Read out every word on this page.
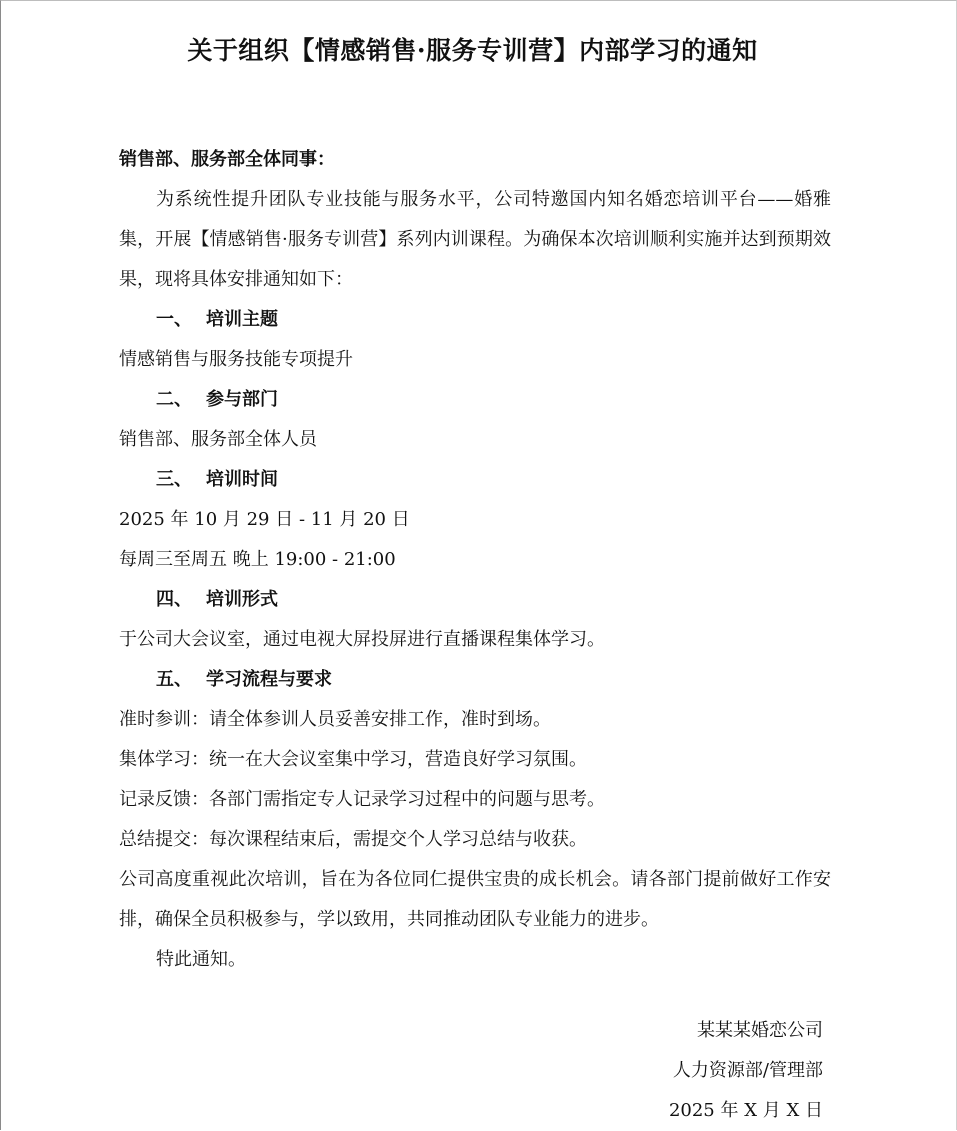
关于组织【情感销售·服务专训营】内部学习的通知

销售部、服务部全体同事：

为系统性提升团队专业技能与服务水平，公司特邀国内知名婚恋培训平台——婚雅集，开展【情感销售·服务专训营】系列内训课程。为确保本次培训顺利实施并达到预期效果，现将具体安排通知如下：

一、 培训主题

情感销售与服务技能专项提升

二、 参与部门

销售部、服务部全体人员

三、 培训时间

2025 年 10 月 29 日 - 11 月 20 日

每周三至周五 晚上 19:00 - 21:00

四、 培训形式

于公司大会议室，通过电视大屏投屏进行直播课程集体学习。

五、 学习流程与要求

准时参训：请全体参训人员妥善安排工作，准时到场。

集体学习：统一在大会议室集中学习，营造良好学习氛围。

记录反馈：各部门需指定专人记录学习过程中的问题与思考。

总结提交：每次课程结束后，需提交个人学习总结与收获。

公司高度重视此次培训，旨在为各位同仁提供宝贵的成长机会。请各部门提前做好工作安排，确保全员积极参与，学以致用，共同推动团队专业能力的进步。

特此通知。

某某某婚恋公司
人力资源部/管理部
2025 年 X 月 X 日
